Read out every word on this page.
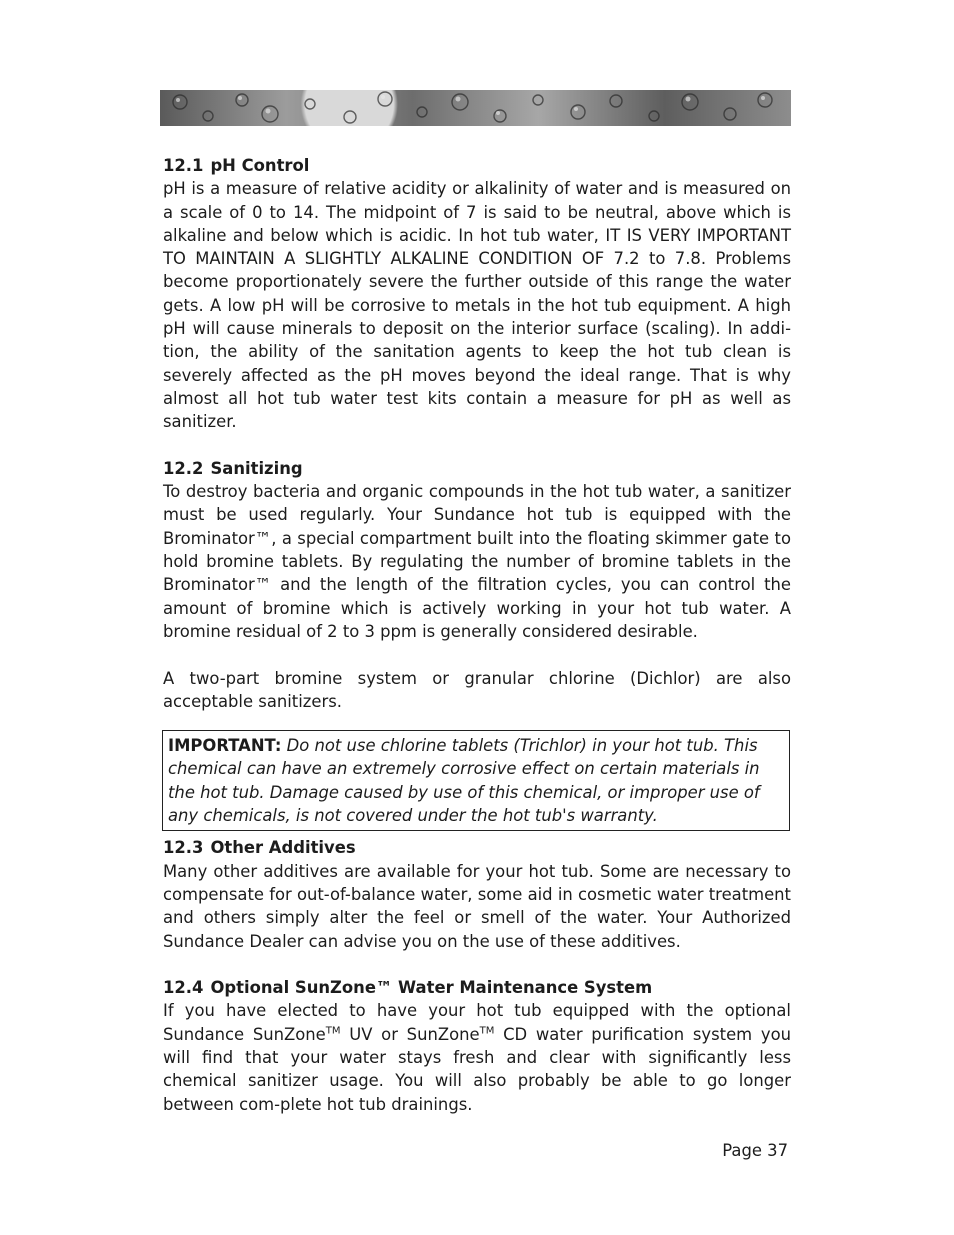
12.1 pH Control

pH is a measure of relative acidity or alkalinity of water and is measured on a scale of 0 to 14. The midpoint of 7 is said to be neutral, above which is alkaline and below which is acidic. In hot tub water, IT IS VERY IMPORTANT TO MAINTAIN A SLIGHTLY ALKALINE CONDITION OF 7.2 to 7.8. Problems become proportionately severe the further outside of this range the water gets. A low pH will be corrosive to metals in the hot tub equipment. A high pH will cause minerals to deposit on the interior surface (scaling). In addi-tion, the ability of the sanitation agents to keep the hot tub clean is severely affected as the pH moves beyond the ideal range. That is why almost all hot tub water test kits contain a measure for pH as well as sanitizer.

12.2 Sanitizing

To destroy bacteria and organic compounds in the hot tub water, a sanitizer must be used regularly. Your Sundance hot tub is equipped with the Brominator™, a special compartment built into the floating skimmer gate to hold bromine tablets. By regulating the number of bromine tablets in the Brominator™ and the length of the filtration cycles, you can control the amount of bromine which is actively working in your hot tub water. A bromine residual of 2 to 3 ppm is generally considered desirable.

A two-part bromine system or granular chlorine (Dichlor) are also acceptable sanitizers.

IMPORTANT: Do not use chlorine tablets (Trichlor) in your hot tub. This chemical can have an extremely corrosive effect on certain materials in the hot tub. Damage caused by use of this chemical, or improper use of any chemicals, is not covered under the hot tub's warranty.

12.3 Other Additives

Many other additives are available for your hot tub. Some are necessary to compensate for out-of-balance water, some aid in cosmetic water treatment and others simply alter the feel or smell of the water. Your Authorized Sundance Dealer can advise you on the use of these additives.

12.4 Optional SunZone™ Water Maintenance System

If you have elected to have your hot tub equipped with the optional Sundance SunZone™ UV or SunZone™ CD water purification system you will find that your water stays fresh and clear with significantly less chemical sanitizer usage. You will also probably be able to go longer between com-plete hot tub drainings.

Page 37
